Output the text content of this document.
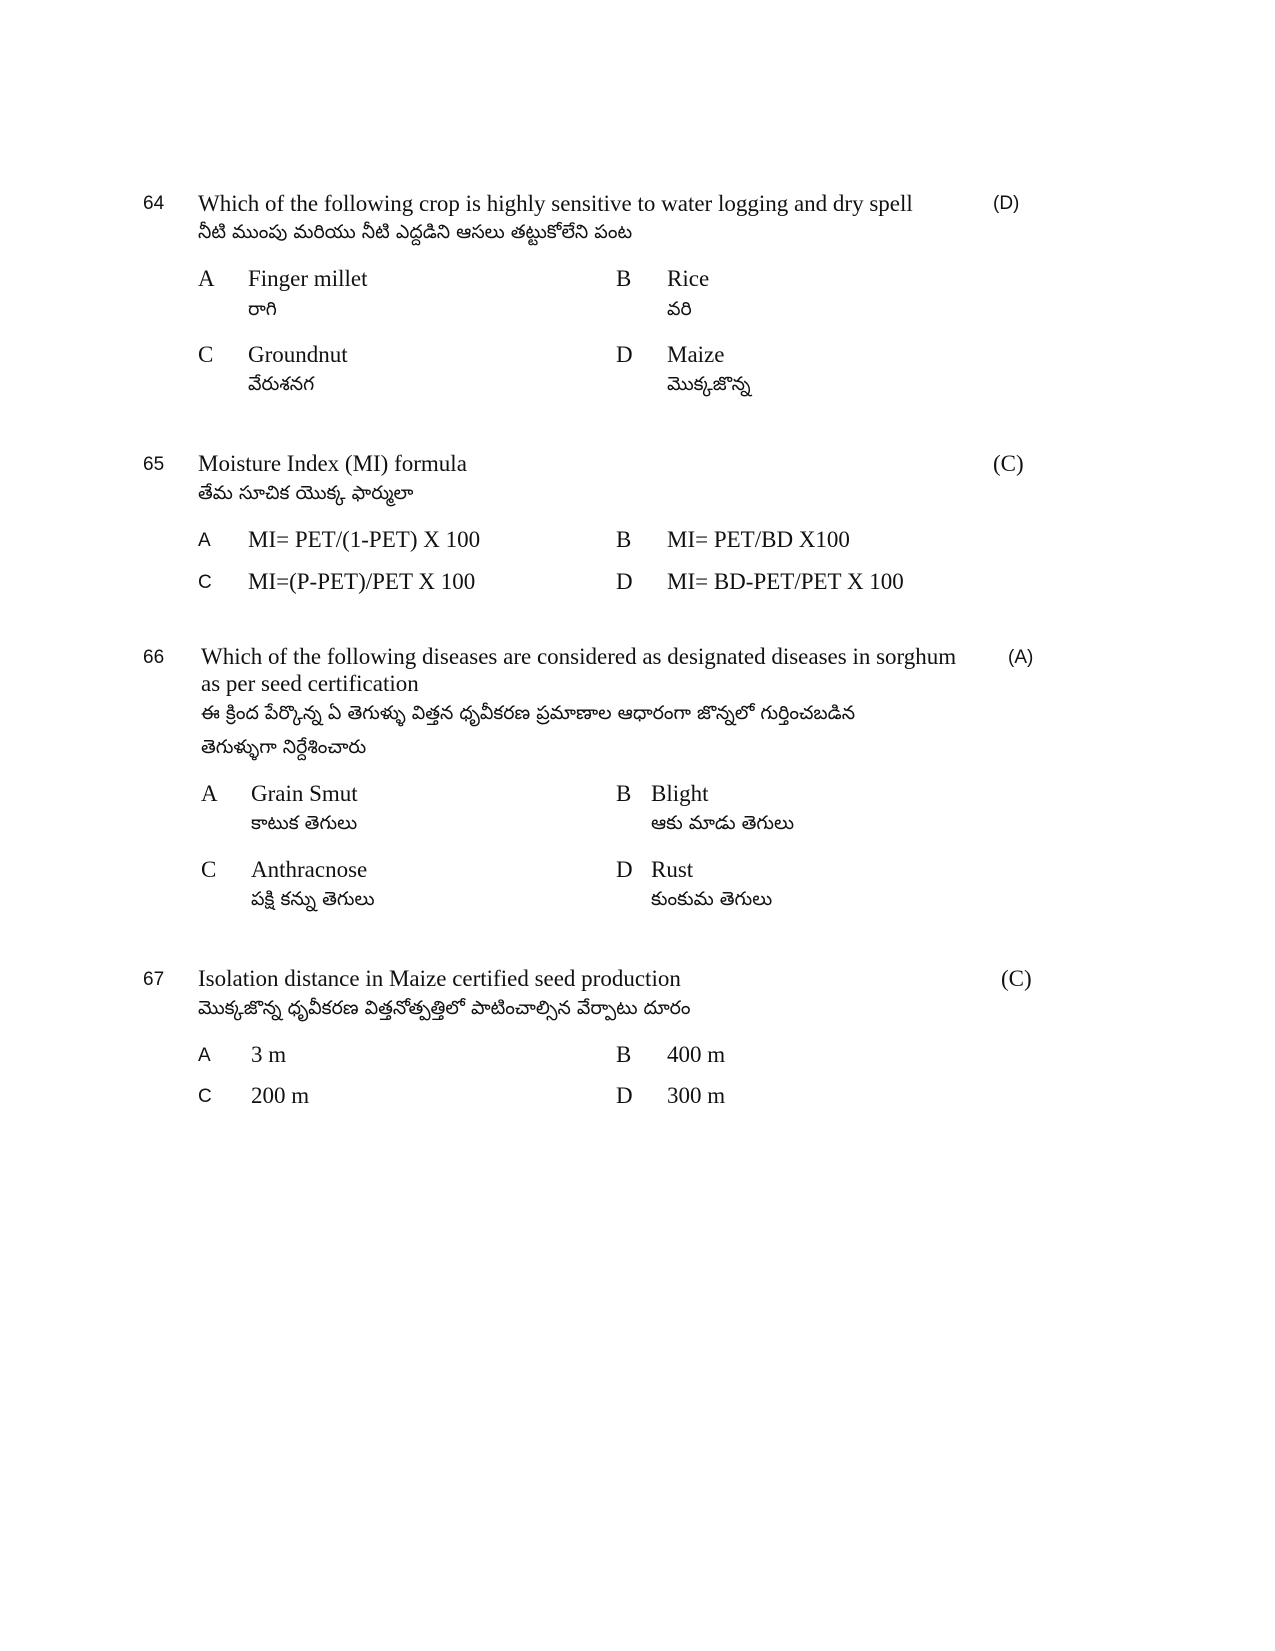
64 Which of the following crop is highly sensitive to water logging and dry spell
నీటి ముంపు మరియు నీటి ఎద్దడిని ఆసలు తట్టుకోలేని పంట
(D)
A Finger millet
రాగి
B Rice
వరి
C Groundnut
వేరుశనగ
D Maize
మొక్కజొన్న
65 Moisture Index (MI) formula
తేమ సూచిక యొక్క ఫార్ములా
(C)
A MI= PET/(1-PET) X 100	B MI= PET/BD X100
C MI=(P-PET)/PET X 100	D MI= BD-PET/PET X 100
66 Which of the following diseases are considered as designated diseases in sorghum
as per seed certification
ఈ క్రింద పేర్కొన్న ఏ తెగుళ్ళు విత్తన ధృవీకరణ ప్రమాణాల ఆధారంగా జొన్నలో గుర్తించబడిన
తెగుళ్ళుగా నిర్దేశించారు
(A)
A Grain Smut
కాటుక తెగులు
B Blight
ఆకు మాడు తెగులు
C Anthracnose
పక్షి కన్ను తెగులు
D Rust
కుంకుమ తెగులు
67 Isolation distance in Maize certified seed production
మొక్కజొన్న ధృవీకరణ విత్తనోత్పత్తిలో పాటించాల్సిన వేర్పాటు దూరం
(C)
A 3 m	B 400 m
C 200 m	D 300 m
